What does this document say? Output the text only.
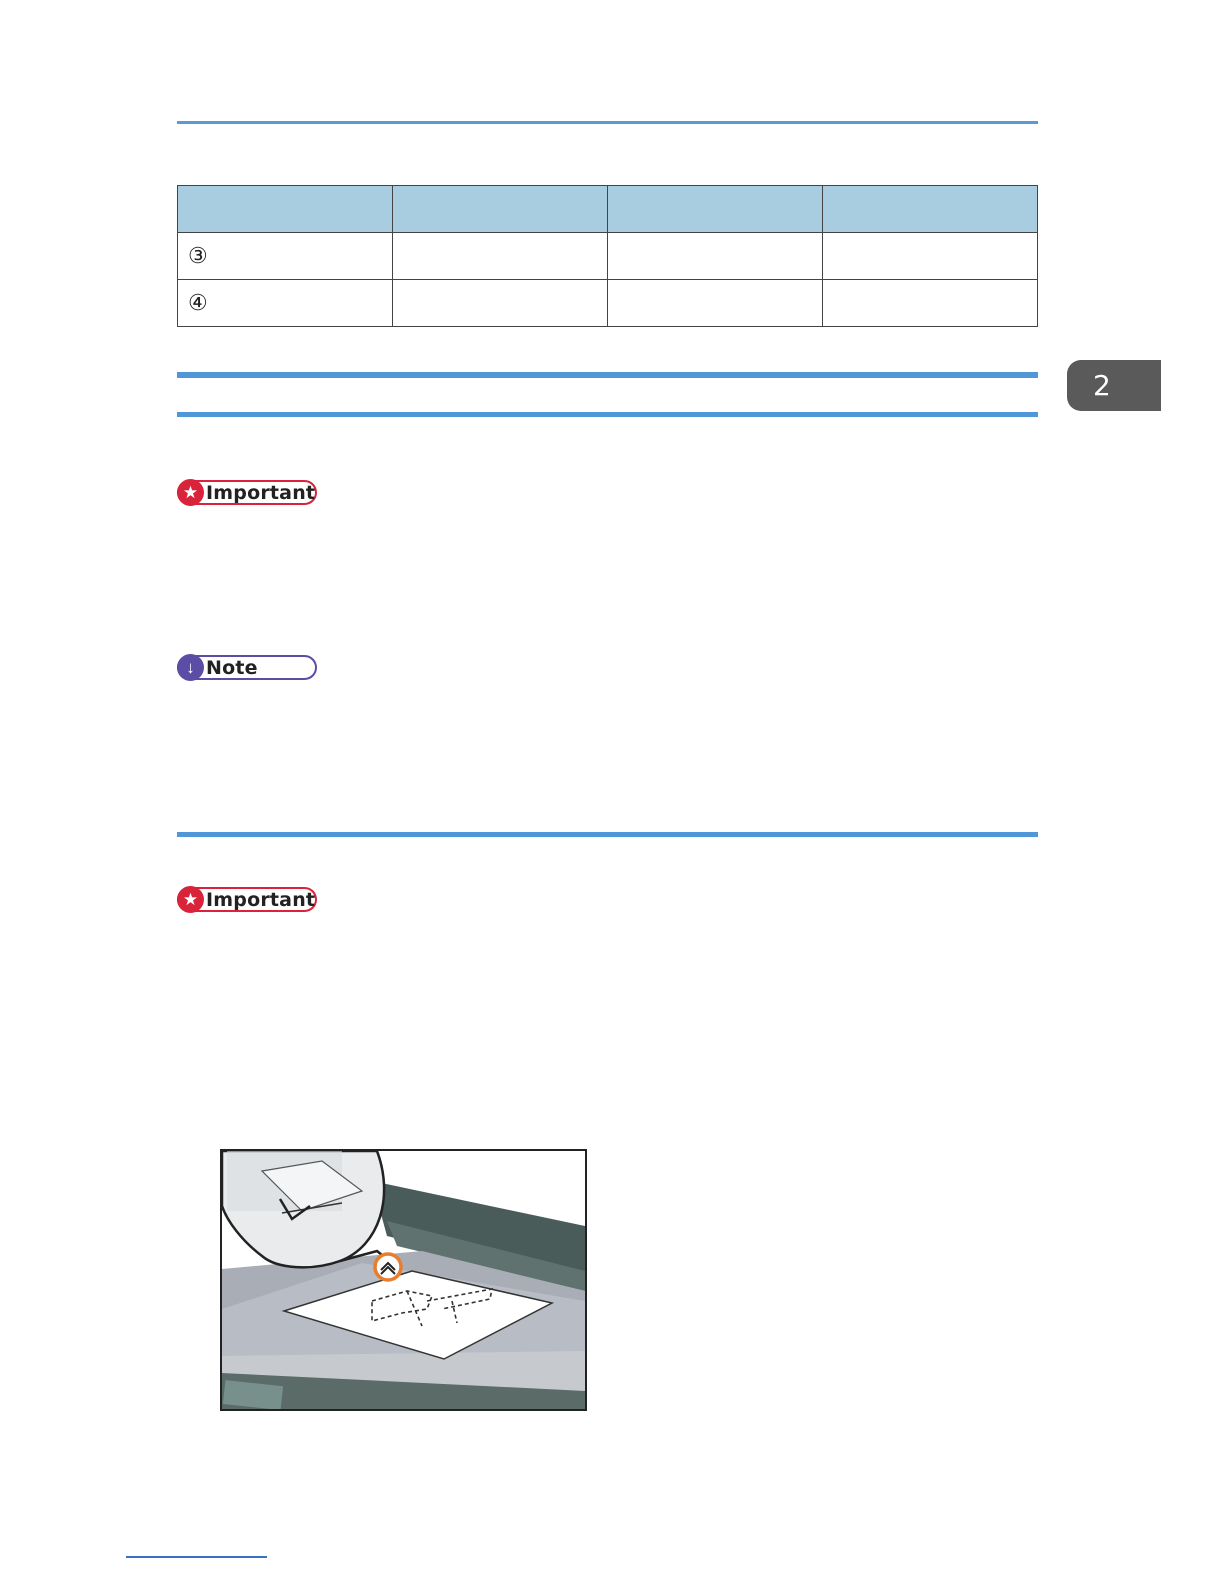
③			
④			
2
★ Important
↓ Note
★ Important
